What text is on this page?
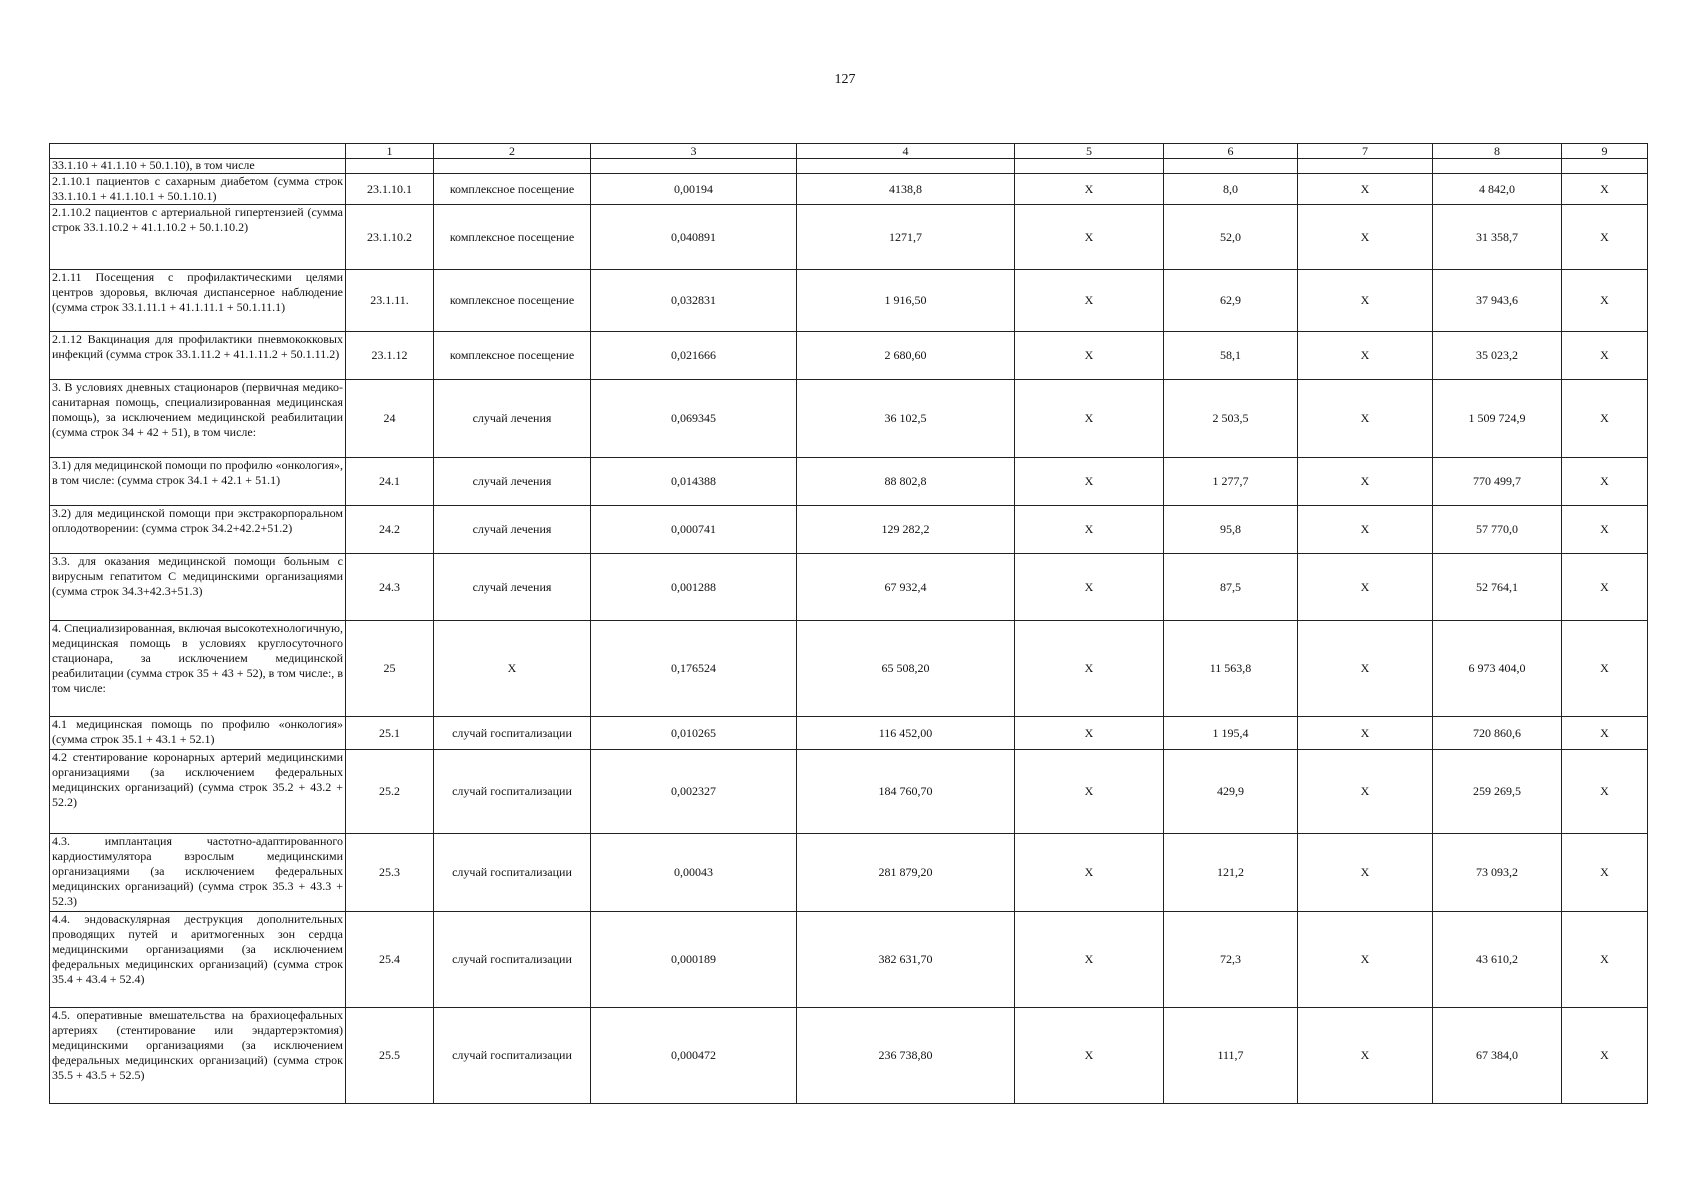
127
	1	2	3	4	5	6	7	8	9
33.1.10 + 41.1.10 + 50.1.10), в том числе									
2.1.10.1 пациентов с сахарным диабетом (сумма строк 33.1.10.1 + 41.1.10.1 + 50.1.10.1)	23.1.10.1	комплексное посещение	0,00194	4138,8	Х	8,0	Х	4 842,0	Х
2.1.10.2 пациентов с артериальной гипертензией (сумма строк 33.1.10.2 + 41.1.10.2 + 50.1.10.2)	23.1.10.2	комплексное посещение	0,040891	1271,7	Х	52,0	Х	31 358,7	Х
2.1.11 Посещения с профилактическими целями центров здоровья, включая диспансерное наблюдение (сумма строк 33.1.11.1 + 41.1.11.1 + 50.1.11.1)	23.1.11.	комплексное посещение	0,032831	1 916,50	Х	62,9	Х	37 943,6	Х
2.1.12 Вакцинация для профилактики пневмококковых инфекций (сумма строк 33.1.11.2 + 41.1.11.2 + 50.1.11.2)	23.1.12	комплексное посещение	0,021666	2 680,60	Х	58,1	Х	35 023,2	Х
3. В условиях дневных стационаров (первичная медико-санитарная помощь, специализированная медицинская помощь), за исключением медицинской реабилитации (сумма строк 34 + 42 + 51), в том числе:	24	случай лечения	0,069345	36 102,5	Х	2 503,5	Х	1 509 724,9	Х
3.1) для медицинской помощи по профилю «онкология», в том числе: (сумма строк 34.1 + 42.1 + 51.1)	24.1	случай лечения	0,014388	88 802,8	Х	1 277,7	Х	770 499,7	Х
3.2) для медицинской помощи при экстракорпоральном оплодотворении: (сумма строк 34.2+42.2+51.2)	24.2	случай лечения	0,000741	129 282,2	Х	95,8	Х	57 770,0	Х
3.3. для оказания медицинской помощи больным с вирусным гепатитом С медицинскими организациями (сумма строк 34.3+42.3+51.3)	24.3	случай лечения	0,001288	67 932,4	Х	87,5	Х	52 764,1	Х
4. Специализированная, включая высокотехнологичную, медицинская помощь в условиях круглосуточного стационара, за исключением медицинской реабилитации (сумма строк 35 + 43 + 52), в том числе:, в том числе:	25	Х	0,176524	65 508,20	Х	11 563,8	Х	6 973 404,0	Х
4.1 медицинская помощь по профилю «онкология» (сумма строк 35.1 + 43.1 + 52.1)	25.1	случай госпитализации	0,010265	116 452,00	Х	1 195,4	Х	720 860,6	Х
4.2 стентирование коронарных артерий медицинскими организациями (за исключением федеральных медицинских организаций) (сумма строк 35.2 + 43.2 + 52.2)	25.2	случай госпитализации	0,002327	184 760,70	Х	429,9	Х	259 269,5	Х
4.3. имплантация частотно-адаптированного кардиостимулятора взрослым медицинскими организациями (за исключением федеральных медицинских организаций) (сумма строк 35.3 + 43.3 + 52.3)	25.3	случай госпитализации	0,00043	281 879,20	Х	121,2	Х	73 093,2	Х
4.4. эндоваскулярная деструкция дополнительных проводящих путей и аритмогенных зон сердца медицинскими организациями (за исключением федеральных медицинских организаций) (сумма строк 35.4 + 43.4 + 52.4)	25.4	случай госпитализации	0,000189	382 631,70	Х	72,3	Х	43 610,2	Х
4.5. оперативные вмешательства на брахиоцефальных артериях (стентирование или эндартерэктомия) медицинскими организациями (за исключением федеральных медицинских организаций) (сумма строк 35.5 + 43.5 + 52.5)	25.5	случай госпитализации	0,000472	236 738,80	Х	111,7	Х	67 384,0	Х
